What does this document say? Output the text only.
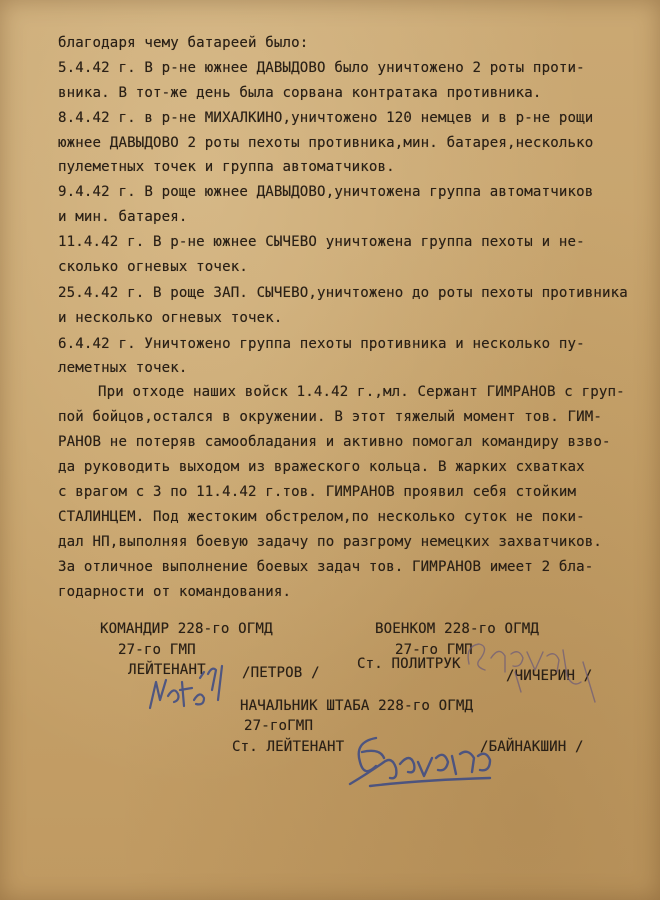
благодаря чему батареей было:
5.4.42 г. В р-не южнее ДАВЫДОВО было уничтожено 2 роты проти-
вника. В тот-же день была сорвана контратака противника.
8.4.42 г. в р-не МИХАЛКИНО,уничтожено 120 немцев и в р-не рощи
южнее ДАВЫДОВО 2 роты пехоты противника,мин. батарея,несколько
пулеметных точек и группа автоматчиков.
9.4.42 г. В роще южнее ДАВЫДОВО,уничтожена группа автоматчиков
и мин. батарея.
11.4.42 г. В р-не южнее СЫЧЕВО уничтожена группа пехоты и не-
сколько огневых точек.
25.4.42 г. В роще ЗАП. СЫЧЕВО,уничтожено до роты пехоты противника
и несколько огневых точек.
6.4.42 г. Уничтожено группа пехоты противника и несколько пу-
леметных точек.
При отходе наших войск 1.4.42 г.,мл. Сержант ГИМРАНОВ с груп-
пой бойцов,остался в окружении. В этот тяжелый момент тов. ГИМ-
РАНОВ не потеряв самообладания и активно помогал командиру взво-
да руководить выходом из вражеского кольца. В жарких схватках
с врагом с 3 по 11.4.42 г.тов. ГИМРАНОВ проявил себя стойким
СТАЛИНЦЕМ. Под жестоким обстрелом,по несколько суток не поки-
дал НП,выполняя боевую задачу по разгрому немецких захватчиков.
За отличное выполнение боевых задач тов. ГИМРАНОВ имеет 2 бла-
годарности от командования.
КОМАНДИР 228-го ОГМД
27-го ГМП
ЛЕЙТЕНАНТ	/ПЕТРОВ /
ВОЕНКОМ 228-го ОГМД
27-го ГМП
Ст. ПОЛИТРУК
/ЧИЧЕРИН /
НАЧАЛЬНИК ШТАБА 228-го ОГМД
27-гоГМП
Ст. ЛЕЙТЕНАНТ	/БАЙНАКШИН /
